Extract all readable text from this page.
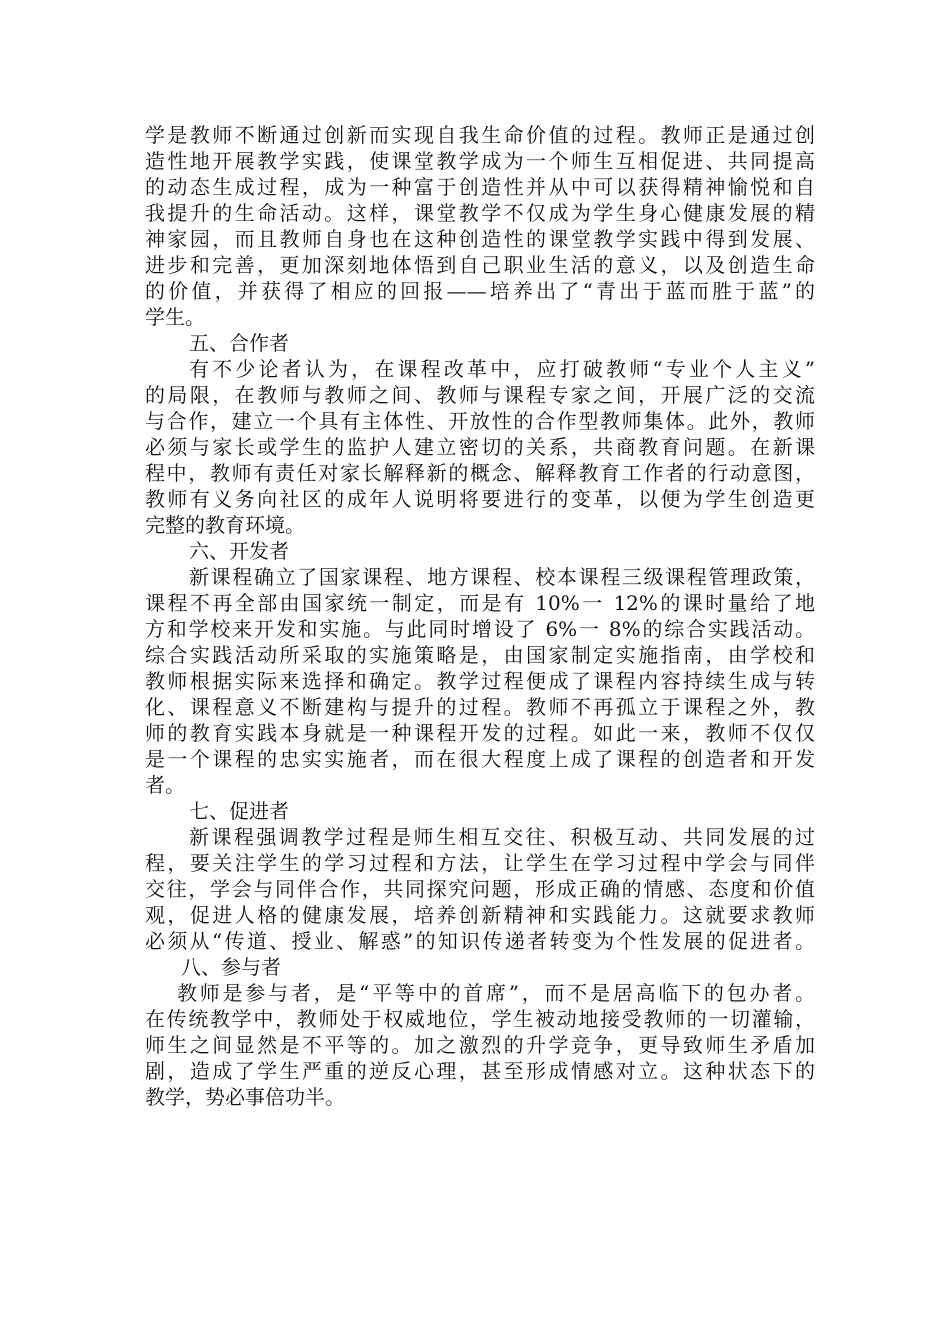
学是教师不断通过创新而实现自我生命价值的过程。教师正是通过创
造性地开展教学实践，使课堂教学成为一个师生互相促进、共同提高
的动态生成过程，成为一种富于创造性并从中可以获得精神愉悦和自
我提升的生命活动。这样，课堂教学不仅成为学生身心健康发展的精
神家园，而且教师自身也在这种创造性的课堂教学实践中得到发展、
进步和完善，更加深刻地体悟到自己职业生活的意义，以及创造生命
的价值，并获得了相应的回报——培养出了“青出于蓝而胜于蓝”的
学生。
五、合作者
有不少论者认为，在课程改革中，应打破教师“专业个人主义”
的局限，在教师与教师之间、教师与课程专家之间，开展广泛的交流
与合作，建立一个具有主体性、开放性的合作型教师集体。此外，教师
必须与家长或学生的监护人建立密切的关系，共商教育问题。在新课
程中，教师有责任对家长解释新的概念、解释教育工作者的行动意图，
教师有义务向社区的成年人说明将要进行的变革，以便为学生创造更
完整的教育环境。
六、开发者
新课程确立了国家课程、地方课程、校本课程三级课程管理政策，
课程不再全部由国家统一制定，而是有 10%一 12%的课时量给了地
方和学校来开发和实施。与此同时增设了 6%一 8%的综合实践活动。
综合实践活动所采取的实施策略是，由国家制定实施指南，由学校和
教师根据实际来选择和确定。教学过程便成了课程内容持续生成与转
化、课程意义不断建构与提升的过程。教师不再孤立于课程之外，教
师的教育实践本身就是一种课程开发的过程。如此一来，教师不仅仅
是一个课程的忠实实施者，而在很大程度上成了课程的创造者和开发
者。
七、促进者
新课程强调教学过程是师生相互交往、积极互动、共同发展的过
程，要关注学生的学习过程和方法，让学生在学习过程中学会与同伴
交往，学会与同伴合作，共同探究问题，形成正确的情感、态度和价值
观，促进人格的健康发展，培养创新精神和实践能力。这就要求教师
必须从“传道、授业、解惑”的知识传递者转变为个性发展的促进者。
八、参与者
教师是参与者，是“平等中的首席”，而不是居高临下的包办者。
在传统教学中，教师处于权威地位，学生被动地接受教师的一切灌输，
师生之间显然是不平等的。加之激烈的升学竞争，更导致师生矛盾加
剧，造成了学生严重的逆反心理，甚至形成情感对立。这种状态下的
教学，势必事倍功半。
